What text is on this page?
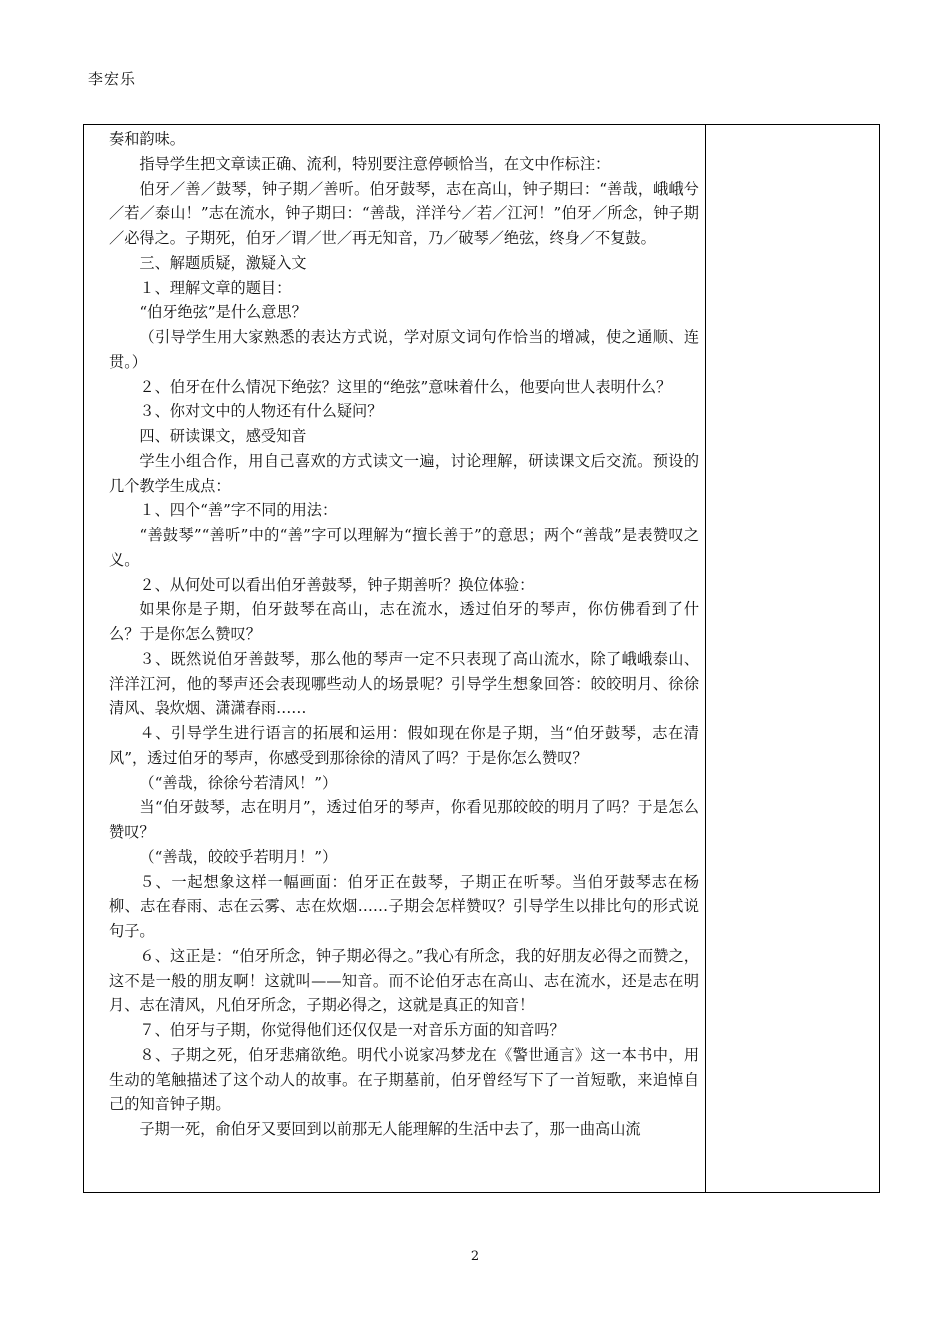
李宏乐

奏和韵味。

指导学生把文章读正确、流利，特别要注意停顿恰当，在文中作标注：

伯牙／善／鼓琴，钟子期／善听。伯牙鼓琴，志在高山，钟子期曰：“善哉，峨峨兮／若／泰山！”志在流水，钟子期曰：“善哉，洋洋兮／若／江河！”伯牙／所念，钟子期／必得之。子期死，伯牙／谓／世／再无知音，乃／破琴／绝弦，终身／不复鼓。

三、解题质疑，激疑入文

１、理解文章的题目：

“伯牙绝弦”是什么意思？

（引导学生用大家熟悉的表达方式说，学对原文词句作恰当的增减，使之通顺、连贯。）

２、伯牙在什么情况下绝弦？这里的“绝弦”意味着什么，他要向世人表明什么？

３、你对文中的人物还有什么疑问？

四、研读课文，感受知音

学生小组合作，用自己喜欢的方式读文一遍，讨论理解，研读课文后交流。预设的几个教学生成点：

１、四个“善”字不同的用法：

“善鼓琴”“善听”中的“善”字可以理解为“擅长善于”的意思；两个“善哉”是表赞叹之义。

２、从何处可以看出伯牙善鼓琴，钟子期善听？换位体验：

如果你是子期，伯牙鼓琴在高山，志在流水，透过伯牙的琴声，你仿佛看到了什么？于是你怎么赞叹？

３、既然说伯牙善鼓琴，那么他的琴声一定不只表现了高山流水，除了峨峨泰山、洋洋江河，他的琴声还会表现哪些动人的场景呢？引导学生想象回答：皎皎明月、徐徐清风、袅炊烟、潇潇春雨……

４、引导学生进行语言的拓展和运用：假如现在你是子期，当“伯牙鼓琴，志在清风”，透过伯牙的琴声，你感受到那徐徐的清风了吗？于是你怎么赞叹？

（“善哉，徐徐兮若清风！”）

当“伯牙鼓琴，志在明月”，透过伯牙的琴声，你看见那皎皎的明月了吗？于是怎么赞叹？

（“善哉，皎皎乎若明月！”）

５、一起想象这样一幅画面：伯牙正在鼓琴，子期正在听琴。当伯牙鼓琴志在杨柳、志在春雨、志在云雾、志在炊烟……子期会怎样赞叹？引导学生以排比句的形式说句子。

６、这正是：“伯牙所念，钟子期必得之。”我心有所念，我的好朋友必得之而赞之，这不是一般的朋友啊！这就叫——知音。而不论伯牙志在高山、志在流水，还是志在明月、志在清风，凡伯牙所念，子期必得之，这就是真正的知音！

７、伯牙与子期，你觉得他们还仅仅是一对音乐方面的知音吗？

８、子期之死，伯牙悲痛欲绝。明代小说家冯梦龙在《警世通言》这一本书中，用生动的笔触描述了这个动人的故事。在子期墓前，伯牙曾经写下了一首短歌，来追悼自己的知音钟子期。

子期一死，俞伯牙又要回到以前那无人能理解的生活中去了，那一曲高山流

2
